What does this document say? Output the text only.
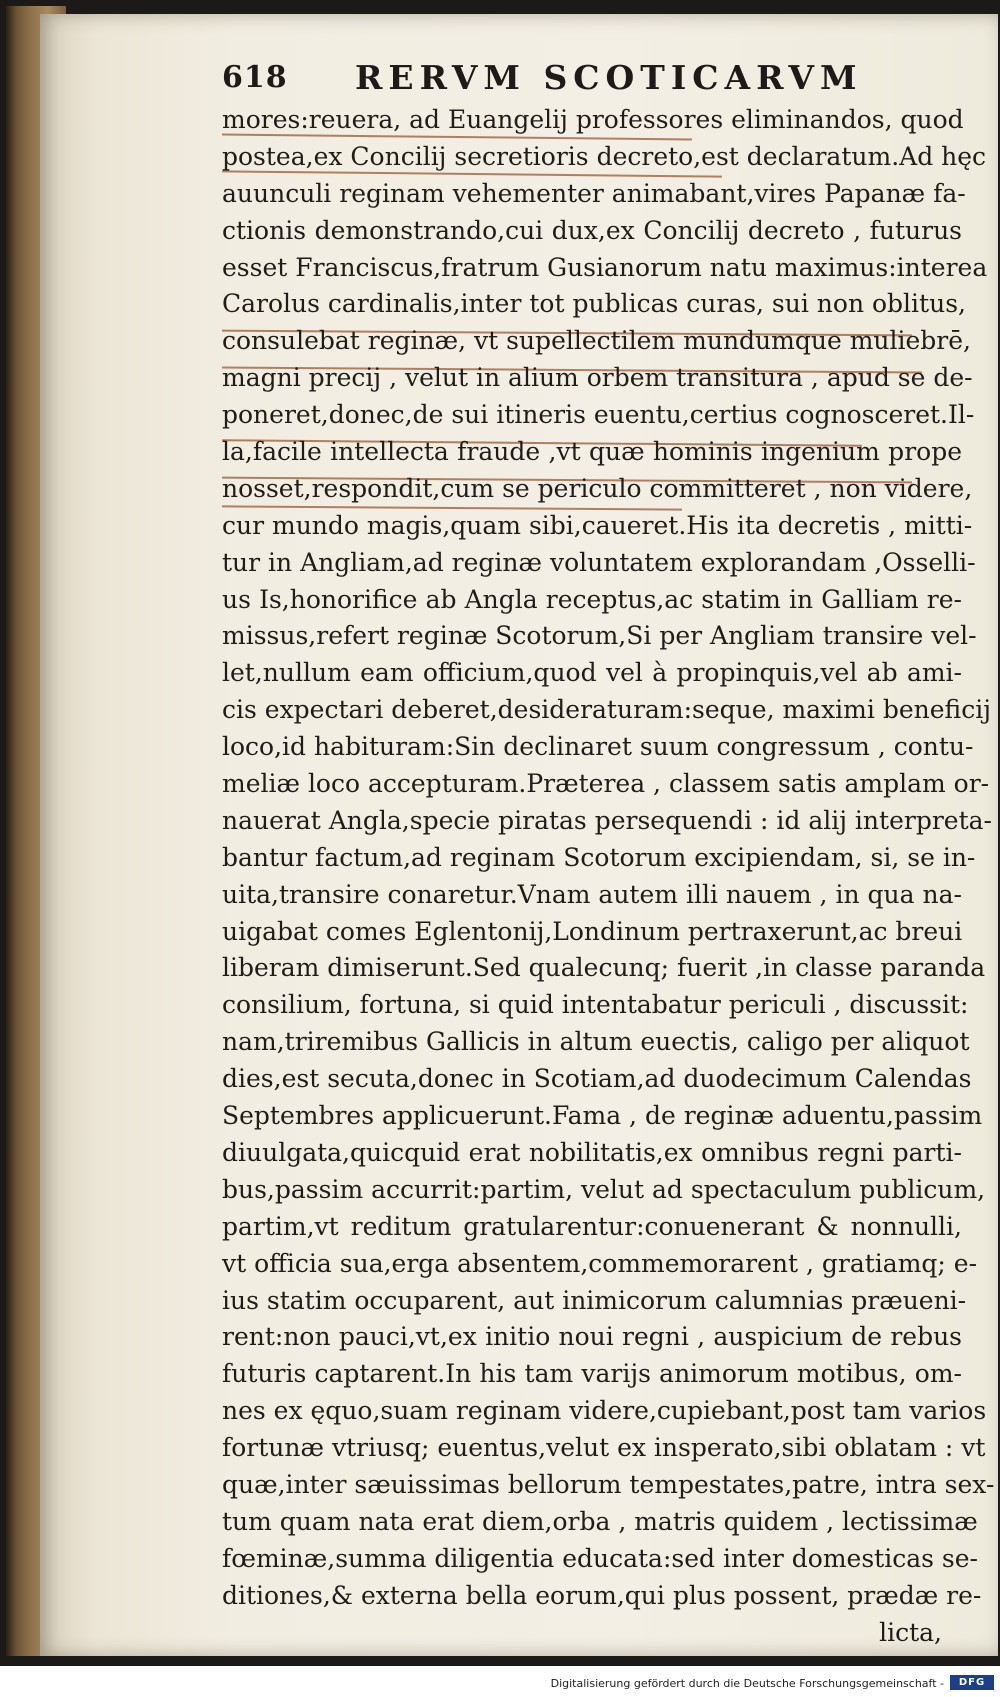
618 RERVM SCOTICARVM
mores:reuera, ad Euangelij professores eliminandos, quod
postea,ex Concilij secretioris decreto,est declaratum.Ad hęc
auunculi reginam vehementer animabant,vires Papanæ fa-
ctionis demonstrando,cui dux,ex Concilij decreto , futurus
esset Franciscus,fratrum Gusianorum natu maximus:interea
Carolus cardinalis,inter tot publicas curas, sui non oblitus,
consulebat reginæ, vt supellectilem mundumque muliebrē,
magni precij , velut in alium orbem transitura , apud se de-
poneret,donec,de sui itineris euentu,certius cognosceret.Il-
la,facile intellecta fraude ,vt quæ hominis ingenium prope
nosset,respondit,cum se periculo committeret , non videre,
cur mundo magis,quam sibi,caueret.His ita decretis , mitti-
tur in Angliam,ad reginæ voluntatem explorandam ,Osselli-
us Is,honorifice ab Angla receptus,ac statim in Galliam re-
missus,refert reginæ Scotorum,Si per Angliam transire vel-
let,nullum eam officium,quod vel à propinquis,vel ab ami-
cis expectari deberet,desideraturam:seque, maximi beneficij
loco,id habituram:Sin declinaret suum congressum , contu-
meliæ loco accepturam.Præterea , classem satis amplam or-
nauerat Angla,specie piratas persequendi : id alij interpreta-
bantur factum,ad reginam Scotorum excipiendam, si, se in-
uita,transire conaretur.Vnam autem illi nauem , in qua na-
uigabat comes Eglentonij,Londinum pertraxerunt,ac breui
liberam dimiserunt.Sed qualecunq; fuerit ,in classe paranda
consilium, fortuna, si quid intentabatur periculi , discussit:
nam,triremibus Gallicis in altum euectis, caligo per aliquot
dies,est secuta,donec in Scotiam,ad duodecimum Calendas
Septembres applicuerunt.Fama , de reginæ aduentu,passim
diuulgata,quicquid erat nobilitatis,ex omnibus regni parti-
bus,passim accurrit:partim, velut ad spectaculum publicum,
partim,vt reditum gratularentur:conuenerant & nonnulli,
vt officia sua,erga absentem,commemorarent , gratiamq; e-
ius statim occuparent, aut inimicorum calumnias præueni-
rent:non pauci,vt,ex initio noui regni , auspicium de rebus
futuris captarent.In his tam varijs animorum motibus, om-
nes ex ęquo,suam reginam videre,cupiebant,post tam varios
fortunæ vtriusq; euentus,velut ex insperato,sibi oblatam : vt
quæ,inter sæuissimas bellorum tempestates,patre, intra sex-
tum quam nata erat diem,orba , matris quidem , lectissimæ
fœminæ,summa diligentia educata:sed inter domesticas se-
ditiones,& externa bella eorum,qui plus possent, prædæ re-
licta,
Digitalisierung gefördert durch die Deutsche Forschungsgemeinschaft -	DFG
